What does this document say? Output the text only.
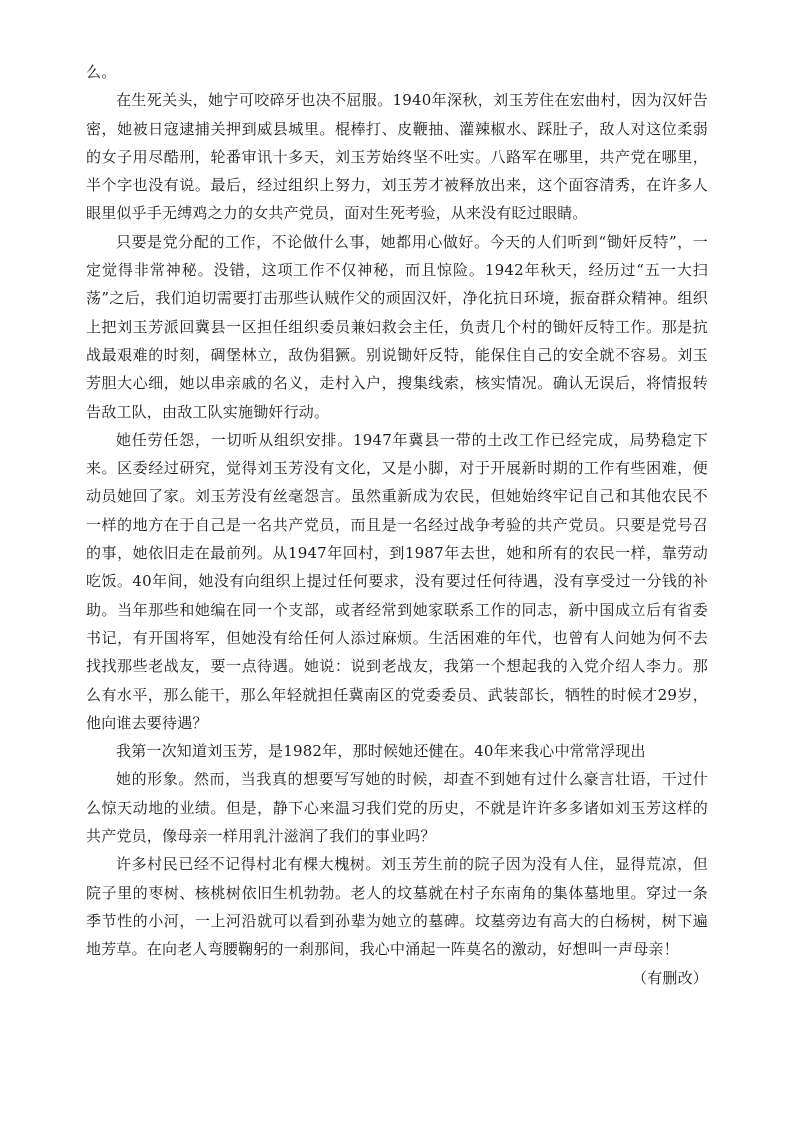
么。

在生死关头，她宁可咬碎牙也决不屈服。1940年深秋，刘玉芳住在宏曲村，因为汉奸告密，她被日寇逮捕关押到威县城里。棍棒打、皮鞭抽、灌辣椒水、踩肚子，敌人对这位柔弱的女子用尽酷刑，轮番审讯十多天，刘玉芳始终坚不吐实。八路军在哪里，共产党在哪里，半个字也没有说。最后，经过组织上努力，刘玉芳才被释放出来，这个面容清秀，在许多人眼里似乎手无缚鸡之力的女共产党员，面对生死考验，从来没有眨过眼睛。

只要是党分配的工作，不论做什么事，她都用心做好。今天的人们听到“锄奸反特”，一定觉得非常神秘。没错，这项工作不仅神秘，而且惊险。1942年秋天，经历过“五一大扫荡”之后，我们迫切需要打击那些认贼作父的顽固汉奸，净化抗日环境，振奋群众精神。组织上把刘玉芳派回冀县一区担任组织委员兼妇救会主任，负责几个村的锄奸反特工作。那是抗战最艰难的时刻，碉堡林立，敌伪猖獗。别说锄奸反特，能保住自己的安全就不容易。刘玉芳胆大心细，她以串亲戚的名义，走村入户，搜集线索，核实情况。确认无误后，将情报转告敌工队，由敌工队实施锄奸行动。

她任劳任怨，一切听从组织安排。1947年冀县一带的土改工作已经完成，局势稳定下来。区委经过研究，觉得刘玉芳没有文化，又是小脚，对于开展新时期的工作有些困难，便动员她回了家。刘玉芳没有丝毫怨言。虽然重新成为农民，但她始终牢记自己和其他农民不一样的地方在于自己是一名共产党员，而且是一名经过战争考验的共产党员。只要是党号召的事，她依旧走在最前列。从1947年回村，到1987年去世，她和所有的农民一样，靠劳动吃饭。40年间，她没有向组织上提过任何要求，没有要过任何待遇，没有享受过一分钱的补助。当年那些和她编在同一个支部，或者经常到她家联系工作的同志，新中国成立后有省委书记，有开国将军，但她没有给任何人添过麻烦。生活困难的年代，也曾有人问她为何不去找找那些老战友，要一点待遇。她说：说到老战友，我第一个想起我的入党介绍人李力。那么有水平，那么能干，那么年轻就担任冀南区的党委委员、武装部长，牺牲的时候才29岁，他向谁去要待遇？

我第一次知道刘玉芳，是1982年，那时候她还健在。40年来我心中常常浮现出

她的形象。然而，当我真的想要写写她的时候，却查不到她有过什么豪言壮语，干过什么惊天动地的业绩。但是，静下心来温习我们党的历史，不就是许许多多诸如刘玉芳这样的共产党员，像母亲一样用乳汁滋润了我们的事业吗？

许多村民已经不记得村北有棵大槐树。刘玉芳生前的院子因为没有人住，显得荒凉，但院子里的枣树、核桃树依旧生机勃勃。老人的坟墓就在村子东南角的集体墓地里。穿过一条季节性的小河，一上河沿就可以看到孙辈为她立的墓碑。坟墓旁边有高大的白杨树，树下遍地芳草。在向老人弯腰鞠躬的一刹那间，我心中涌起一阵莫名的激动，好想叫一声母亲！

（有删改）
